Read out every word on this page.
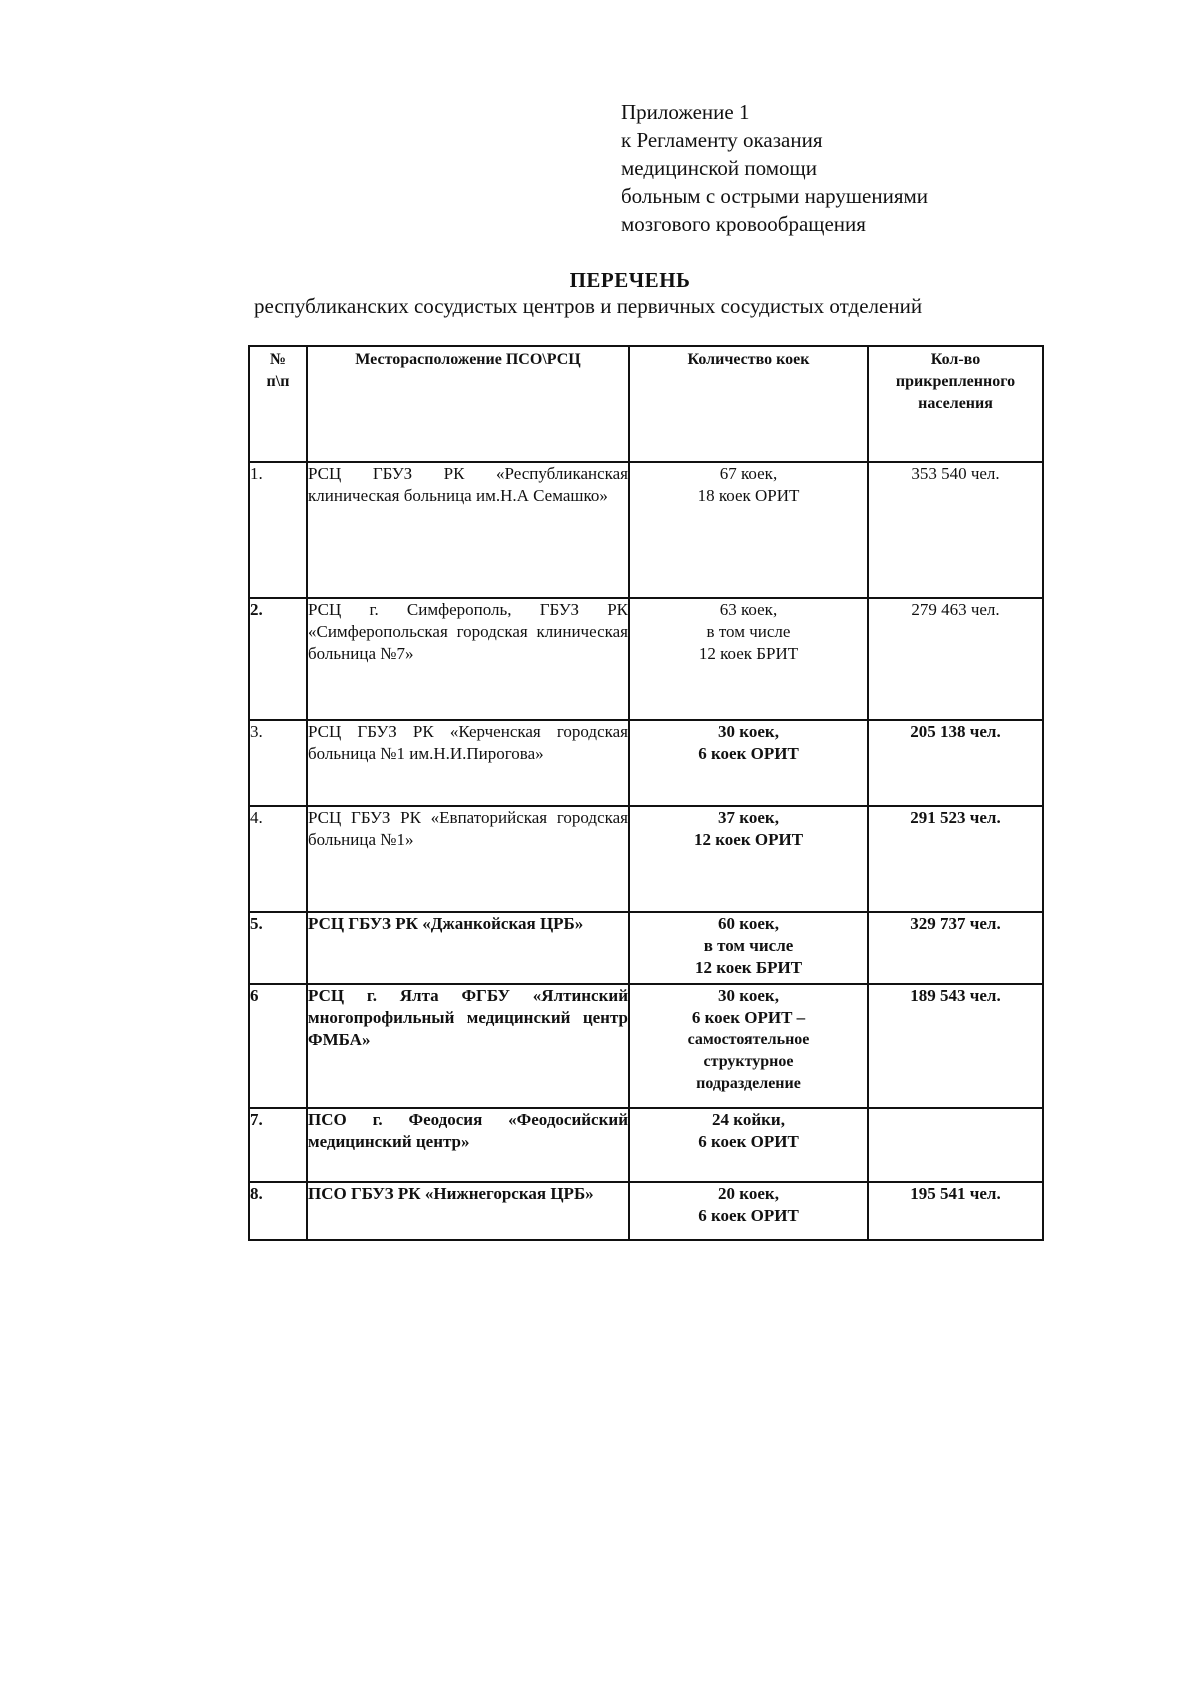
Приложение 1
к Регламенту оказания
медицинской помощи
больным с острыми нарушениями
мозгового кровообращения
ПЕРЕЧЕНЬ
республиканских сосудистых центров и первичных сосудистых отделений
№
п\п	Месторасположение ПСО\РСЦ	Количество коек	Кол-во
прикрепленного
населения

1.	РСЦ ГБУЗ РК «Республиканская клиническая больница им.Н.А Семашко»	67 коек,
18 коек ОРИТ	353 540 чел.
2.	РСЦ г. Симферополь, ГБУЗ РК «Симферопольская городская клиническая больница №7»	63 коек,
в том числе
12 коек БРИТ	279 463 чел.
3.	РСЦ ГБУЗ РК «Керченская городская больница №1 им.Н.И.Пирогова»	30 коек,
6 коек ОРИТ	205 138 чел.
4.	РСЦ ГБУЗ РК «Евпаторийская городская больница №1»	37 коек,
12 коек ОРИТ	291 523 чел.
5.	РСЦ ГБУЗ РК «Джанкойская ЦРБ»	60 коек,
в том числе
12 коек БРИТ	329 737 чел.
6	РСЦ г. Ялта ФГБУ «Ялтинский многопрофильный медицинский центр ФМБА»	30 коек,
6 коек ОРИТ –
самостоятельное
структурное
подразделение	189 543 чел.
7.	ПСО г. Феодосия «Феодосийский медицинский центр»	24 койки,
6 коек ОРИТ	

8.	ПСО ГБУЗ РК «Нижнегорская ЦРБ»	20 коек,
6 коек ОРИТ	195 541 чел.
